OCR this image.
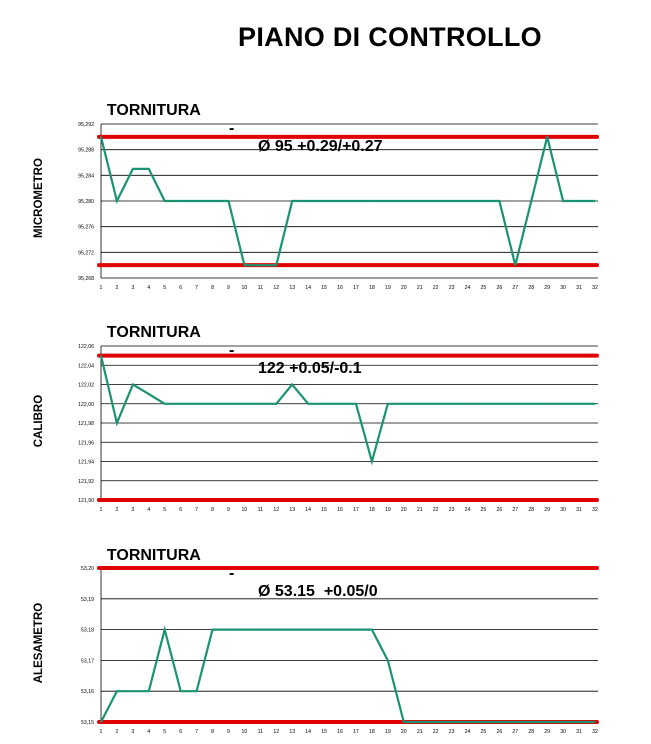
PIANO DI CONTROLLO

TORNITURA

-

Ø 95 +0.29/+0.27

MICROMETRO
95,292
95,288
95,284
95,280
95,276
95,272
95,268
1	2	3	4	5	6	7	8	9 10 11 12 13 14 15 16 17 18 19 20 21 22 23 24 25 26 27 28 29 30 31 32

TORNITURA

-

122 +0.05/-0.1

CALIBRO
122,06
122,04
122,02
122,00
121,98
121,96
121,94
121,92
121,90
1	2	3	4	5	6	7	8	9 10 11 12 13 14 15 16 17 18 19 20 21 22 23 24 25 26 27 28 29 30 31 32

TORNITURA

-

Ø 53.15  +0.05/0

ALESAMETRO
53,20
53,19
53,18
53,17
53,16
53,15
1	2	3	4	5	6	7	8	9 10 11 12 13 14 15 16 17 18 19 20 21 22 23 24 25 26 27 28 29 30 31 32
